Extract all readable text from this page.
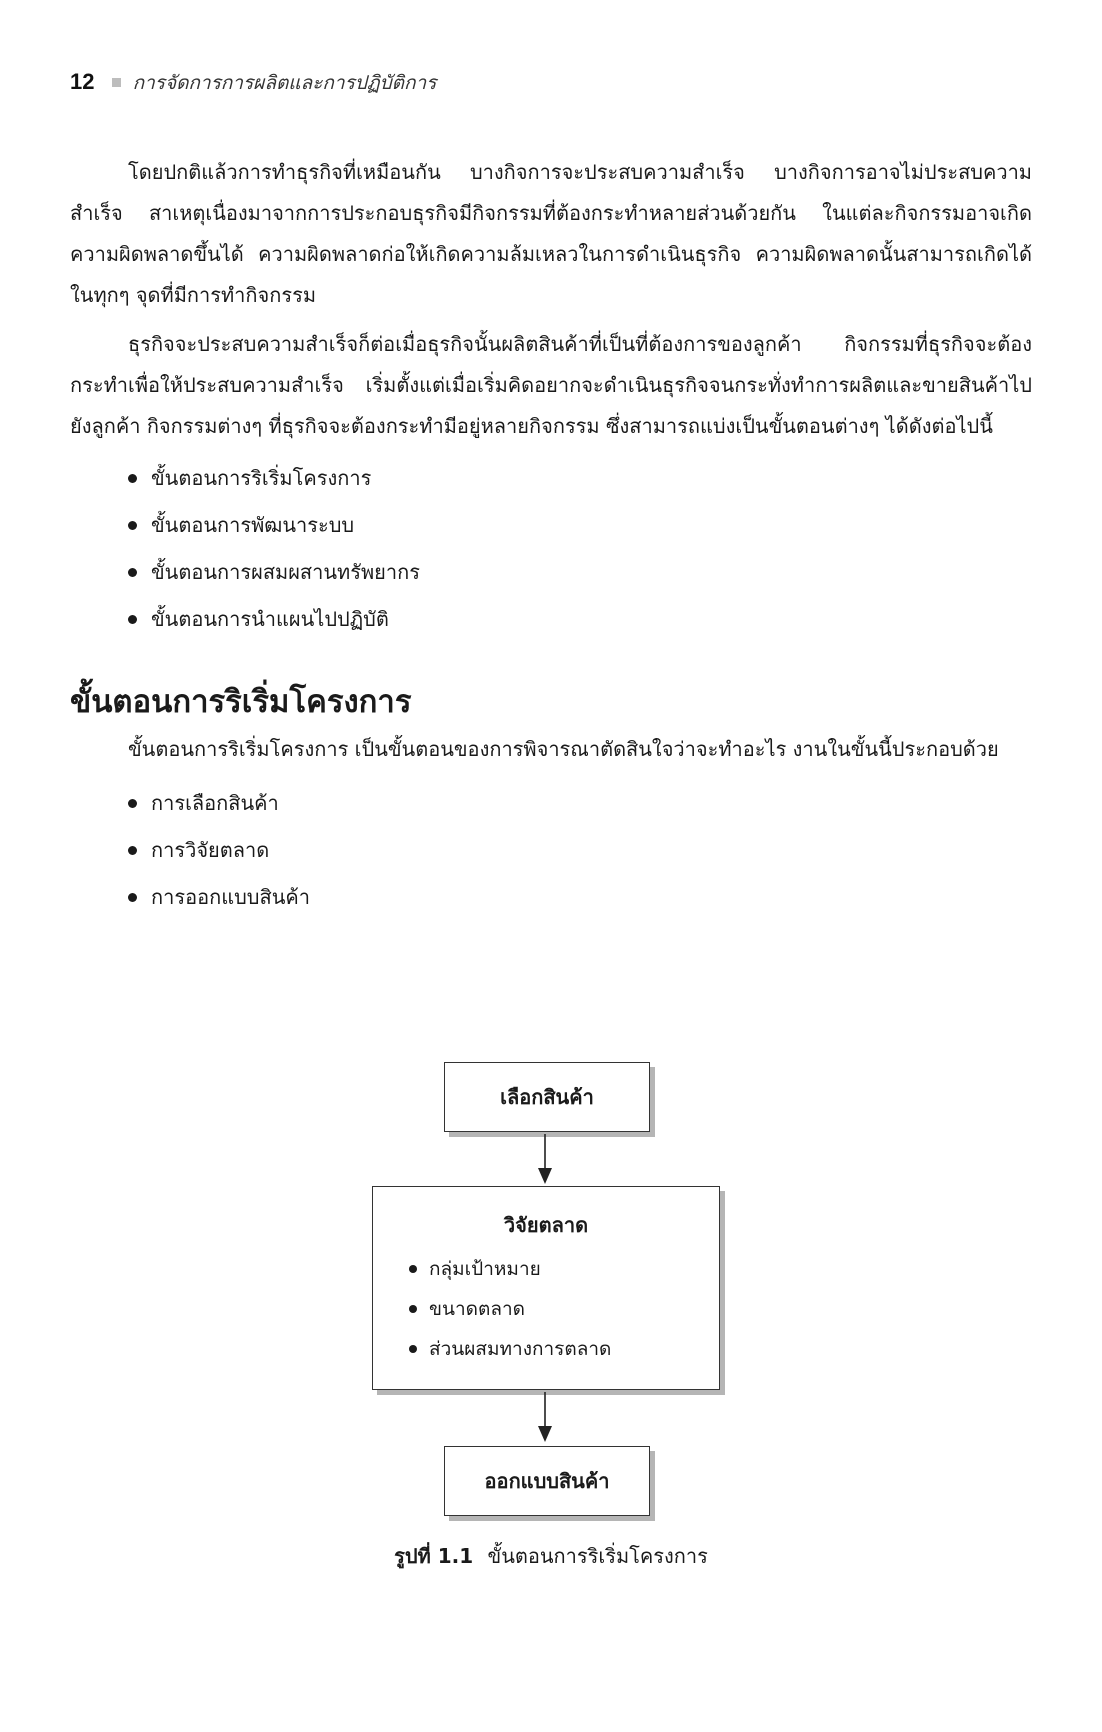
12	การจัดการการผลิตและการปฏิบัติการ

โดยปกติแล้วการทำธุรกิจที่เหมือนกัน บางกิจการจะประสบความสำเร็จ บางกิจการอาจไม่ประสบความสำเร็จ สาเหตุเนื่องมาจากการประกอบธุรกิจมีกิจกรรมที่ต้องกระทำหลายส่วนด้วยกัน ในแต่ละกิจกรรมอาจเกิดความผิดพลาดขึ้นได้ ความผิดพลาดก่อให้เกิดความล้มเหลวในการดำเนินธุรกิจ ความผิดพลาดนั้นสามารถเกิดได้ในทุกๆ จุดที่มีการทำกิจกรรม

ธุรกิจจะประสบความสำเร็จก็ต่อเมื่อธุรกิจนั้นผลิตสินค้าที่เป็นที่ต้องการของลูกค้า กิจกรรมที่ธุรกิจจะต้องกระทำเพื่อให้ประสบความสำเร็จ เริ่มตั้งแต่เมื่อเริ่มคิดอยากจะดำเนินธุรกิจจนกระทั่งทำการผลิตและขายสินค้าไปยังลูกค้า กิจกรรมต่างๆ ที่ธุรกิจจะต้องกระทำมีอยู่หลายกิจกรรม ซึ่งสามารถแบ่งเป็นขั้นตอนต่างๆ ได้ดังต่อไปนี้

ขั้นตอนการริเริ่มโครงการ
ขั้นตอนการพัฒนาระบบ
ขั้นตอนการผสมผสานทรัพยากร
ขั้นตอนการนำแผนไปปฏิบัติ
ขั้นตอนการริเริ่มโครงการ

ขั้นตอนการริเริ่มโครงการ เป็นขั้นตอนของการพิจารณาตัดสินใจว่าจะทำอะไร งานในขั้นนี้ประกอบด้วย

การเลือกสินค้า
การวิจัยตลาด
การออกแบบสินค้า
เลือกสินค้า
วิจัยตลาด
กลุ่มเป้าหมาย
ขนาดตลาด
ส่วนผสมทางการตลาด
ออกแบบสินค้า
รูปที่ 1.1 ขั้นตอนการริเริ่มโครงการ
